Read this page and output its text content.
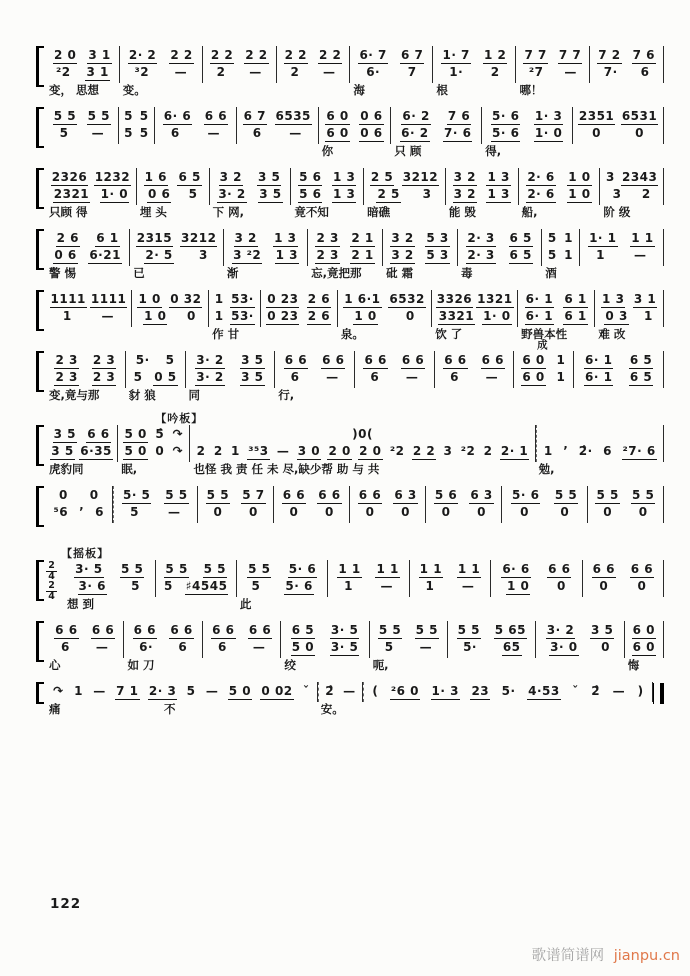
2 0 3 1
²2 3 1
变， 思想
2· 2 2 2
³2 —
变。
2 2 2 2
2 —
2 2 2 2
2 —
6· 7 6 7
6· 7
海
1· 7 1 2
1· 2
根
7 7 7 7
²7 —
哪！
7 2 7 6
7· 6
5 5 5 5
5 —
5 5
5 5
6· 6 6 6
6 —
6 7 6535
6 —
6 0 0 6
6 0 0 6
你
6· 2 7 6
6· 2 7· 6
只 顾
5· 6 1· 3
5· 6 1· 0
得,
2351 6531
0	0
2326 1232
2321 1· 0
只顾 得
1 6 6 5
0 6 5
埋 头
3 2 3 5
3· 2 3 5
下 网,
5 6 1 3
5 6 1 3
竟不知
2 5 3212
2 5 3
暗礁
3 2 1 3
3 2 1 3
能 毁
2· 6 1 0
2· 6 1 0
船,
3 2343
3 2
阶 级
2 6 6 1
0 6 6·21
警 惕
2315 3212
2· 5 3
已
3 2 1 3
3 ²2 1 3
渐
2 3 2 1
2 3 2 1
忘,竟把那
3 2 5 3
3 2 5 3
砒 霜
2· 3 6 5
2· 3 6 5
毒
5 1
5 1
酒
1· 1 1 1
1 —
1111 1111
1 —
1 0 0 32
1 0 0
1 53·
1 53·
作 甘
0 23 2 6
0 23 2 6
1 6·1 6532
1 0 0
泉。
3326 1321
3321 1· 0
饮 了
6· 1 6 1
6· 1 6 1
野兽本性
1 3 3 1
0 3 1
难 改
2 3 2 3
2 3 2 3
变,竟与那
5· 5
5 0 5
豺 狼
3· 2 3 5
3· 2 3 5
同
6 6 6 6
6 —
行,
6 6 6 6
6 —
6 6 6 6
6 —
成
6 0 1
6 0 1
6· 1 6 5
6· 1 6 5
【吟板】
3 5 6 6
3 5 6·35
虎豹同
5 0 5̂ ↷
5 0 0 ↷
眠,
)0(
2 2 1 ³⁵3 — 3 0 2 0 2 0 ²2 2 2 3 ²2 2 2· 1
也怪 我 责 任 未 尽,缺少帮 助 与 共
1 ’ 2̂· 6 ²7· 6
勉,
0 0
⁵6 ’ 6
5· 5 5 5
5 —
5 5 5 7
0 0
6 6 6 6
0 0
6 6 6 3
0 0
5 6 6 3
0 0
5· 6 5 5
0	0
5 5 5 5
0 0
【摇板】
$\frac{2}{4}$
$\frac{2}{4}$
3· 5 5 5
3· 6 5
想 到
5 5 5 5
5 ♯4545
5 5 5· 6
5 5· 6
此
1 1 1 1
1 —
1 1 1 1
1 —
6· 6 6 6
1 0 0
6 6 6 6
0 0
6 6 6 6
6 —
心
6 6 6 6
6· 6
如 刀
6 6 6 6
6 —
6 5 3· 5
5 0 3· 5
绞
5 5 5 5
5 —
呃,
5 5 5 65
5· 65
3· 2 3 5
3· 0 0
6 0
6 0
悔
↷ 1 — 7 1 2· 3 5 — 5 0 0 02 ˇ
痛　　　　　　　　　不
2̂ —
安。
( ²6 0 1· 3 23 5· 4·53 ˇ 2̂ — )
122
歌谱简谱网 jianpu.cn
